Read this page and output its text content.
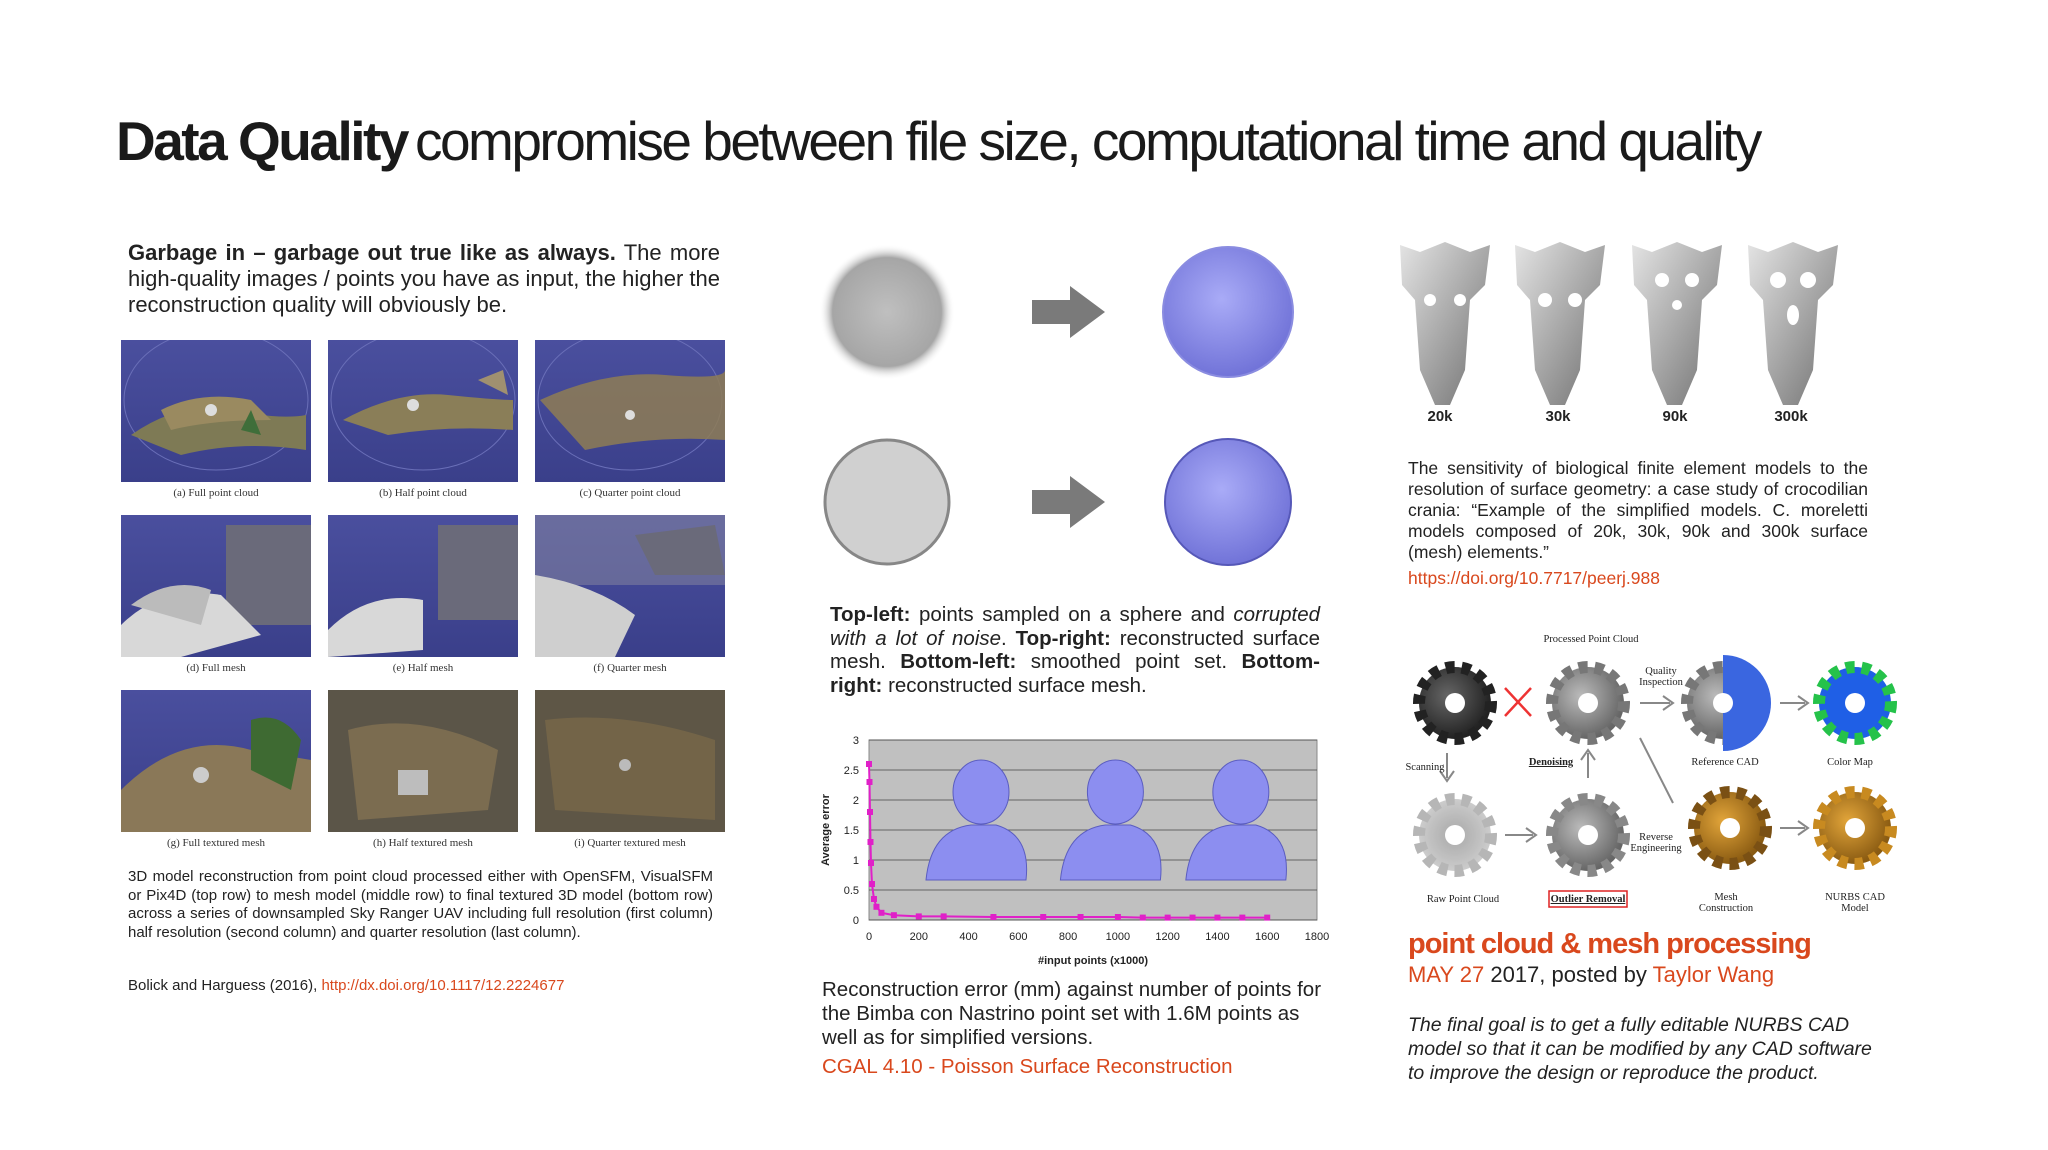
Data Quality compromise between file size, computational time and quality
Garbage in – garbage out true like as always. The more high-quality images / points you have as input, the higher the reconstruction quality will obviously be.
(a) Full point cloud	(b) Half point cloud	(c) Quarter point cloud
(d) Full mesh	(e) Half mesh	(f) Quarter mesh
(g) Full textured mesh	(h) Half textured mesh	(i) Quarter textured mesh
3D model reconstruction from point cloud processed either with OpenSFM, VisualSFM or Pix4D (top row) to mesh model (middle row) to final textured 3D model (bottom row) across a series of downsampled Sky Ranger UAV including full resolution (first column) half resolution (second column) and quarter resolution (last column).
Bolick and Harguess (2016), http://dx.doi.org/10.1117/12.2224677
Top-left: points sampled on a sphere and corrupted with a lot of noise. Top-right: reconstructed surface mesh. Bottom-left: smoothed point set. Bottom-right: reconstructed surface mesh.
0
0.5
1
1.5
2
2.5
3
0	200	400	600	800	1000 1200 1400 1600 1800
#input points (x1000)
Average error
Reconstruction error (mm) against number of points for the Bimba con Nastrino point set with 1.6M points as well as for simplified versions.
CGAL 4.10 - Poisson Surface Reconstruction
20k	30k	90k	300k
The sensitivity of biological finite element models to the resolution of surface geometry: a case study of crocodilian crania: “Example of the simplified models. C. moreletti models composed of 20k, 30k, 90k and 300k surface (mesh) elements.”
https://doi.org/10.7717/peerj.988
Processed Point Cloud
Quality Inspection
Scanning	Denoising	Reference CAD	Color Map
Reverse Engineering
Raw Point Cloud	Outlier Removal	Mesh Construction
NURBS CAD Model
point cloud & mesh processing
MAY 27 2017, posted by Taylor Wang
The final goal is to get a fully editable NURBS CAD model so that it can be modified by any CAD software to improve the design or reproduce the product.
